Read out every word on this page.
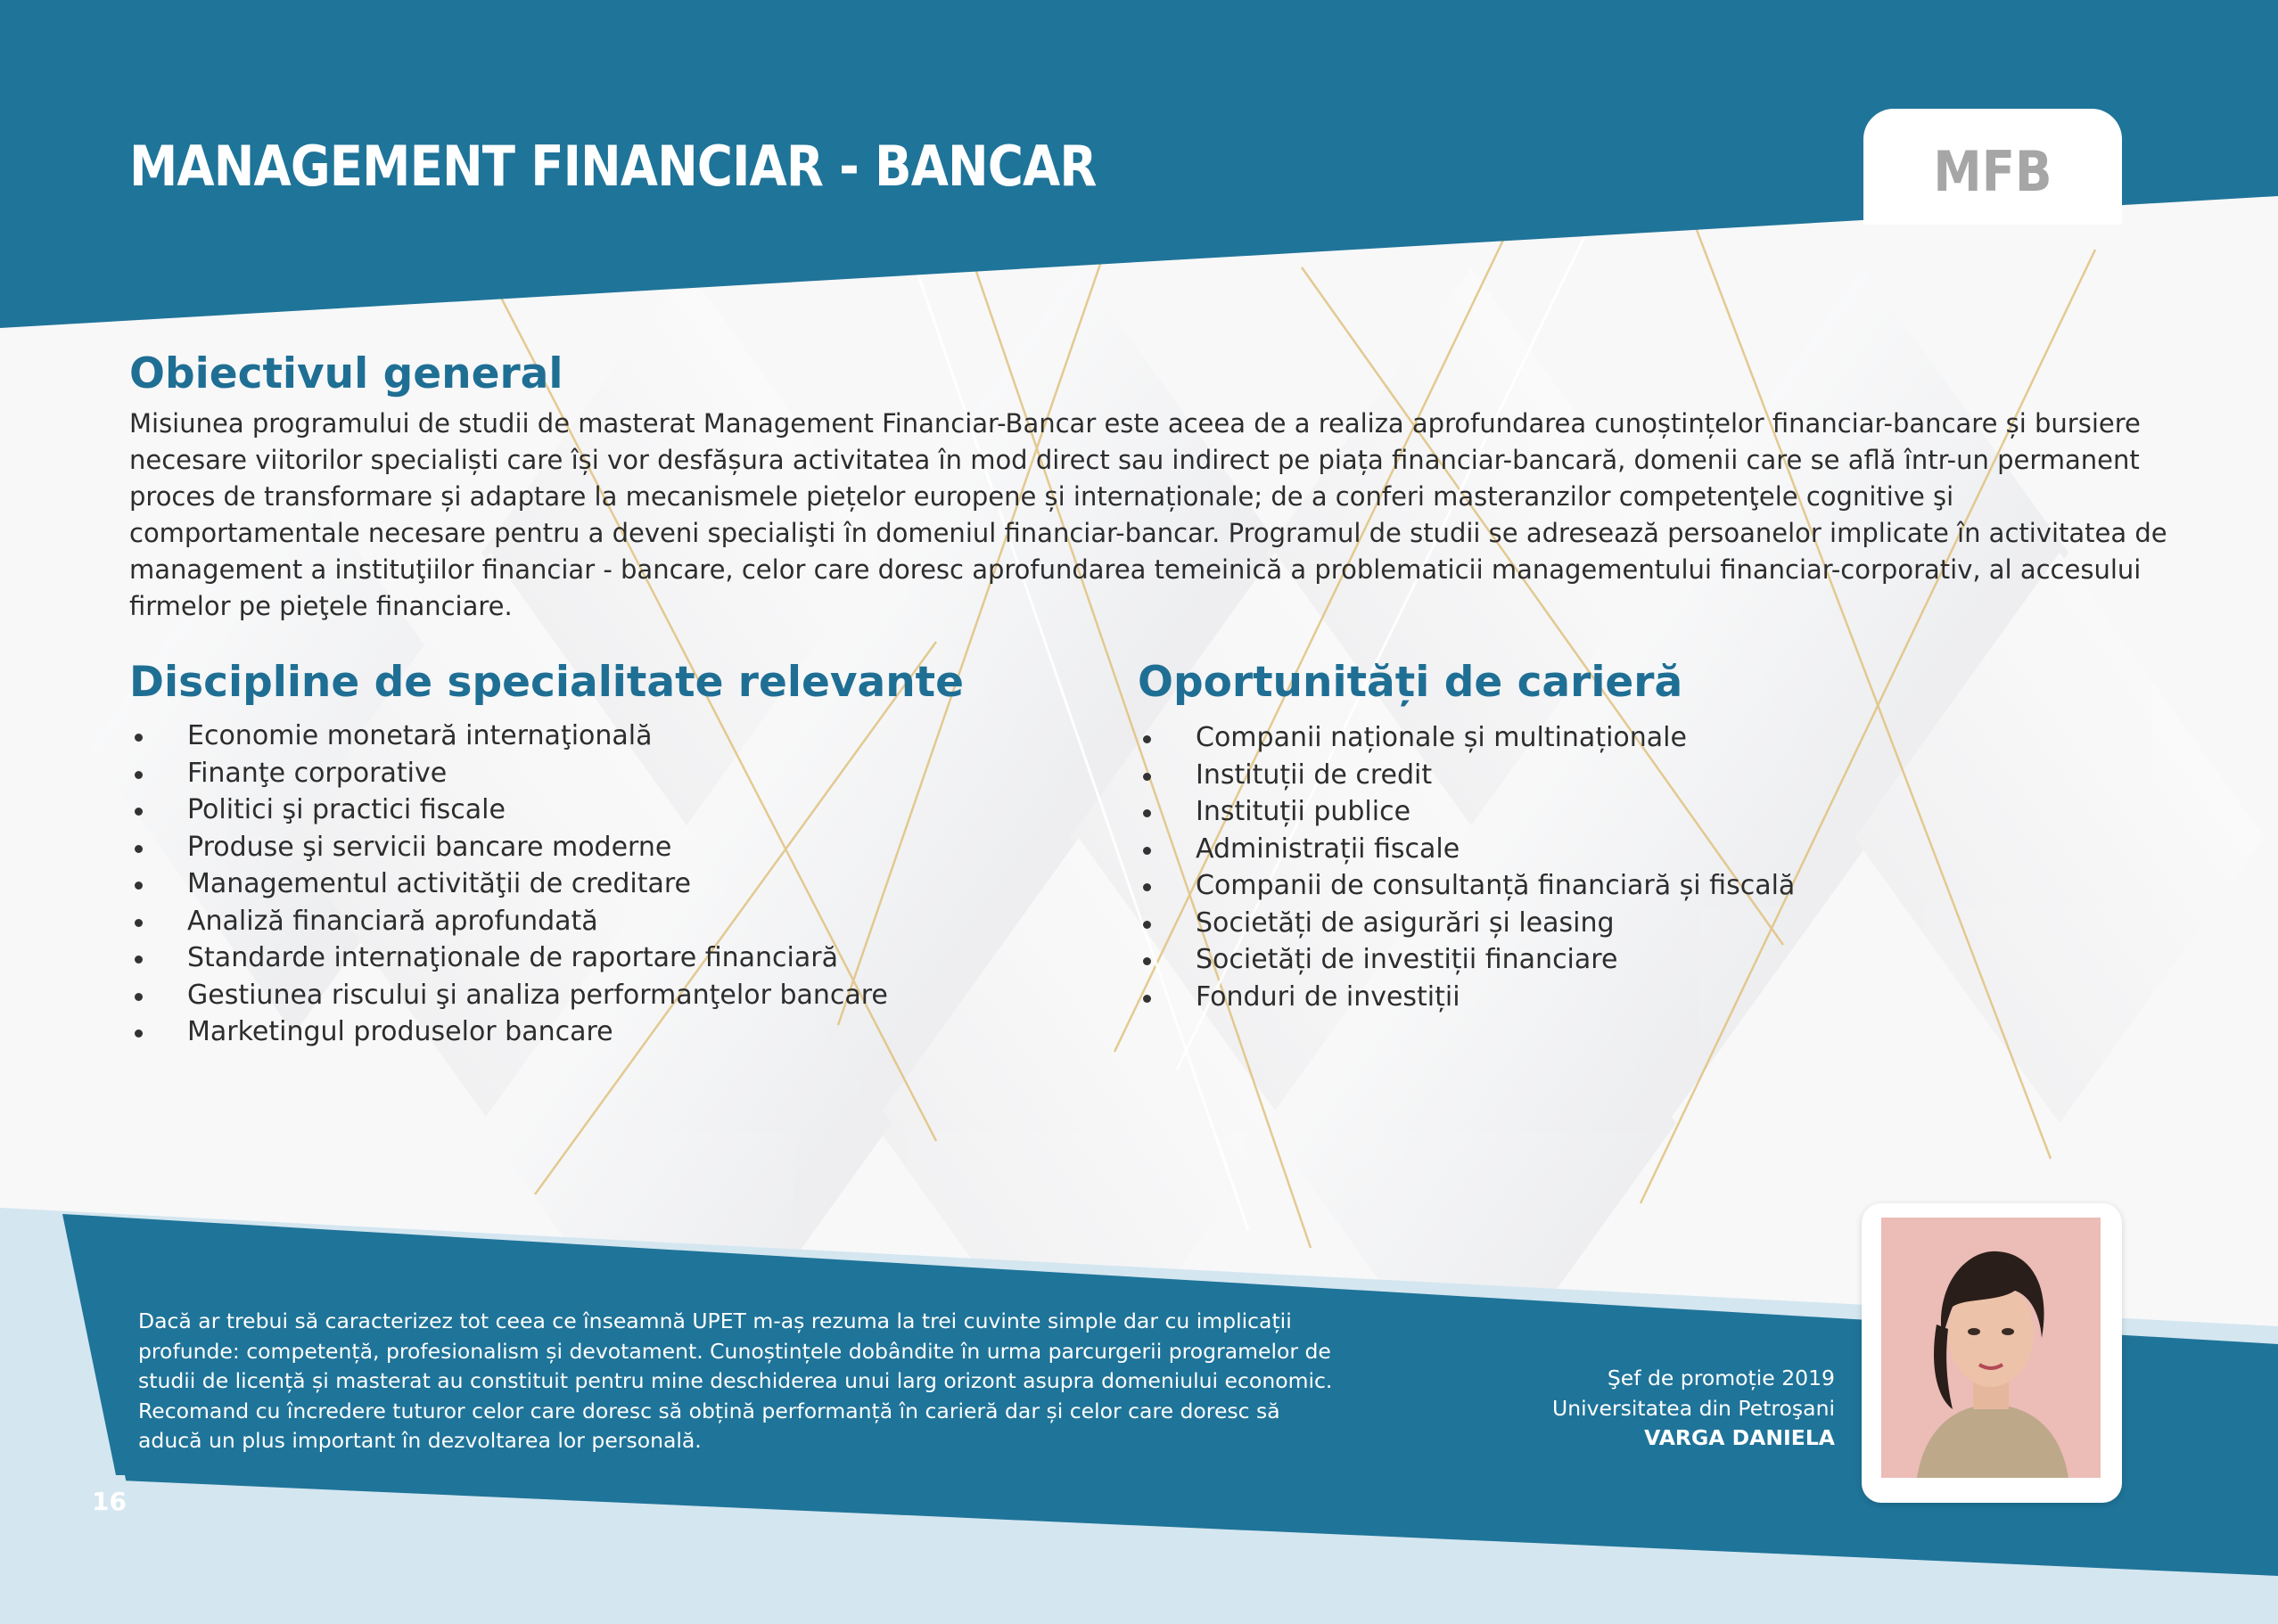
MANAGEMENT FINANCIAR - BANCAR	MFB
Obiectivul general

Misiunea programului de studii de masterat Management Financiar-Bancar este aceea de a realiza aprofundarea cunoștințelor financiar-bancare și bursiere necesare viitorilor specialiști care își vor desfășura activitatea în mod direct sau indirect pe piața financiar-bancară, domenii care se află într-un permanent proces de transformare și adaptare la mecanismele piețelor europene și internaționale; de a conferi masteranzilor competenţele cognitive şi comportamentale necesare pentru a deveni specialişti în domeniul financiar-bancar. Programul de studii se adresează persoanelor implicate în activitatea de management a instituţiilor financiar - bancare, celor care doresc aprofundarea temeinică a problematicii managementului financiar-corporativ, al accesului firmelor pe pieţele financiare.

Discipline de specialitate relevante
Economie monetară internaţională
Finanţe corporative
Politici şi practici fiscale
Produse şi servicii bancare moderne
Managementul activităţii de creditare
Analiză financiară aprofundată
Standarde internaţionale de raportare financiară
Gestiunea riscului şi analiza performanţelor bancare
Marketingul produselor bancare
Oportunități de carieră
Companii naționale și multinaționale
Instituții de credit
Instituții publice
Administrații fiscale
Companii de consultanță financiară și fiscală
Societăți de asigurări și leasing
Societăți de investiții financiare
Fonduri de investiții

Dacă ar trebui să caracterizez tot ceea ce înseamnă UPET m-aș rezuma la trei cuvinte simple dar cu implicații profunde: competență, profesionalism și devotament. Cunoștințele dobândite în urma parcurgerii programelor de studii de licență și masterat au constituit pentru mine deschiderea unui larg orizont asupra domeniului economic. Recomand cu încredere tuturor celor care doresc să obțină performanță în carieră dar și celor care doresc să aducă un plus important în dezvoltarea lor personală.

Şef de promoție 2019
Universitatea din Petroşani
VARGA DANIELA
16
